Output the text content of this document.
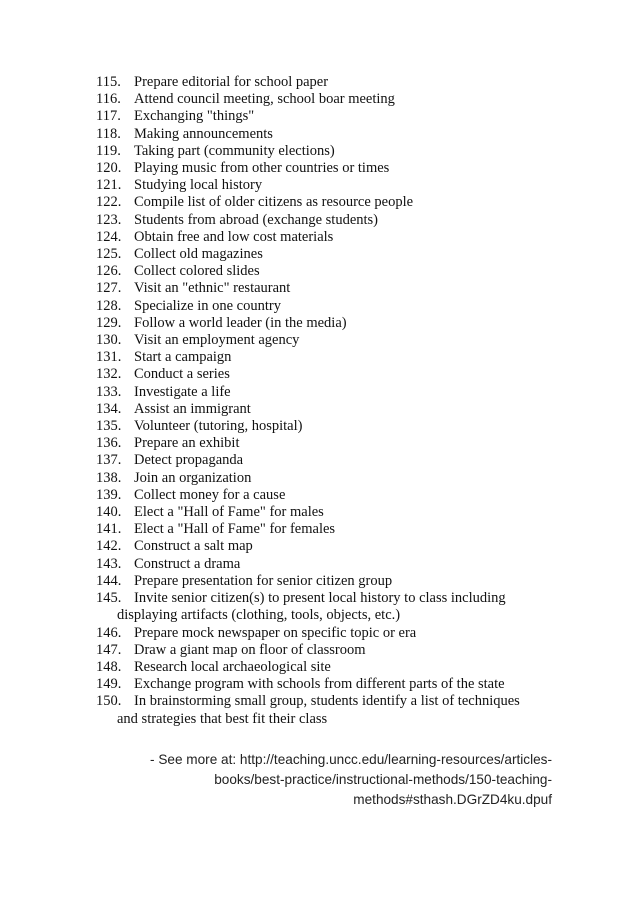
115. Prepare editorial for school paper
116. Attend council meeting, school boar meeting
117. Exchanging "things"
118. Making announcements
119. Taking part (community elections)
120. Playing music from other countries or times
121. Studying local history
122. Compile list of older citizens as resource people
123. Students from abroad (exchange students)
124. Obtain free and low cost materials
125. Collect old magazines
126. Collect colored slides
127. Visit an "ethnic" restaurant
128. Specialize in one country
129. Follow a world leader (in the media)
130. Visit an employment agency
131. Start a campaign
132. Conduct a series
133. Investigate a life
134. Assist an immigrant
135. Volunteer (tutoring, hospital)
136. Prepare an exhibit
137. Detect propaganda
138. Join an organization
139. Collect money for a cause
140. Elect a "Hall of Fame" for males
141. Elect a "Hall of Fame" for females
142. Construct a salt map
143. Construct a drama
144. Prepare presentation for senior citizen group
145. Invite senior citizen(s) to present local history to class including
displaying artifacts (clothing, tools, objects, etc.)
146. Prepare mock newspaper on specific topic or era
147. Draw a giant map on floor of classroom
148. Research local archaeological site
149. Exchange program with schools from different parts of the state
150. In brainstorming small group, students identify a list of techniques
and strategies that best fit their class
- See more at: http://teaching.uncc.edu/learning-resources/articles-
books/best-practice/instructional-methods/150-teaching-
methods#sthash.DGrZD4ku.dpuf
